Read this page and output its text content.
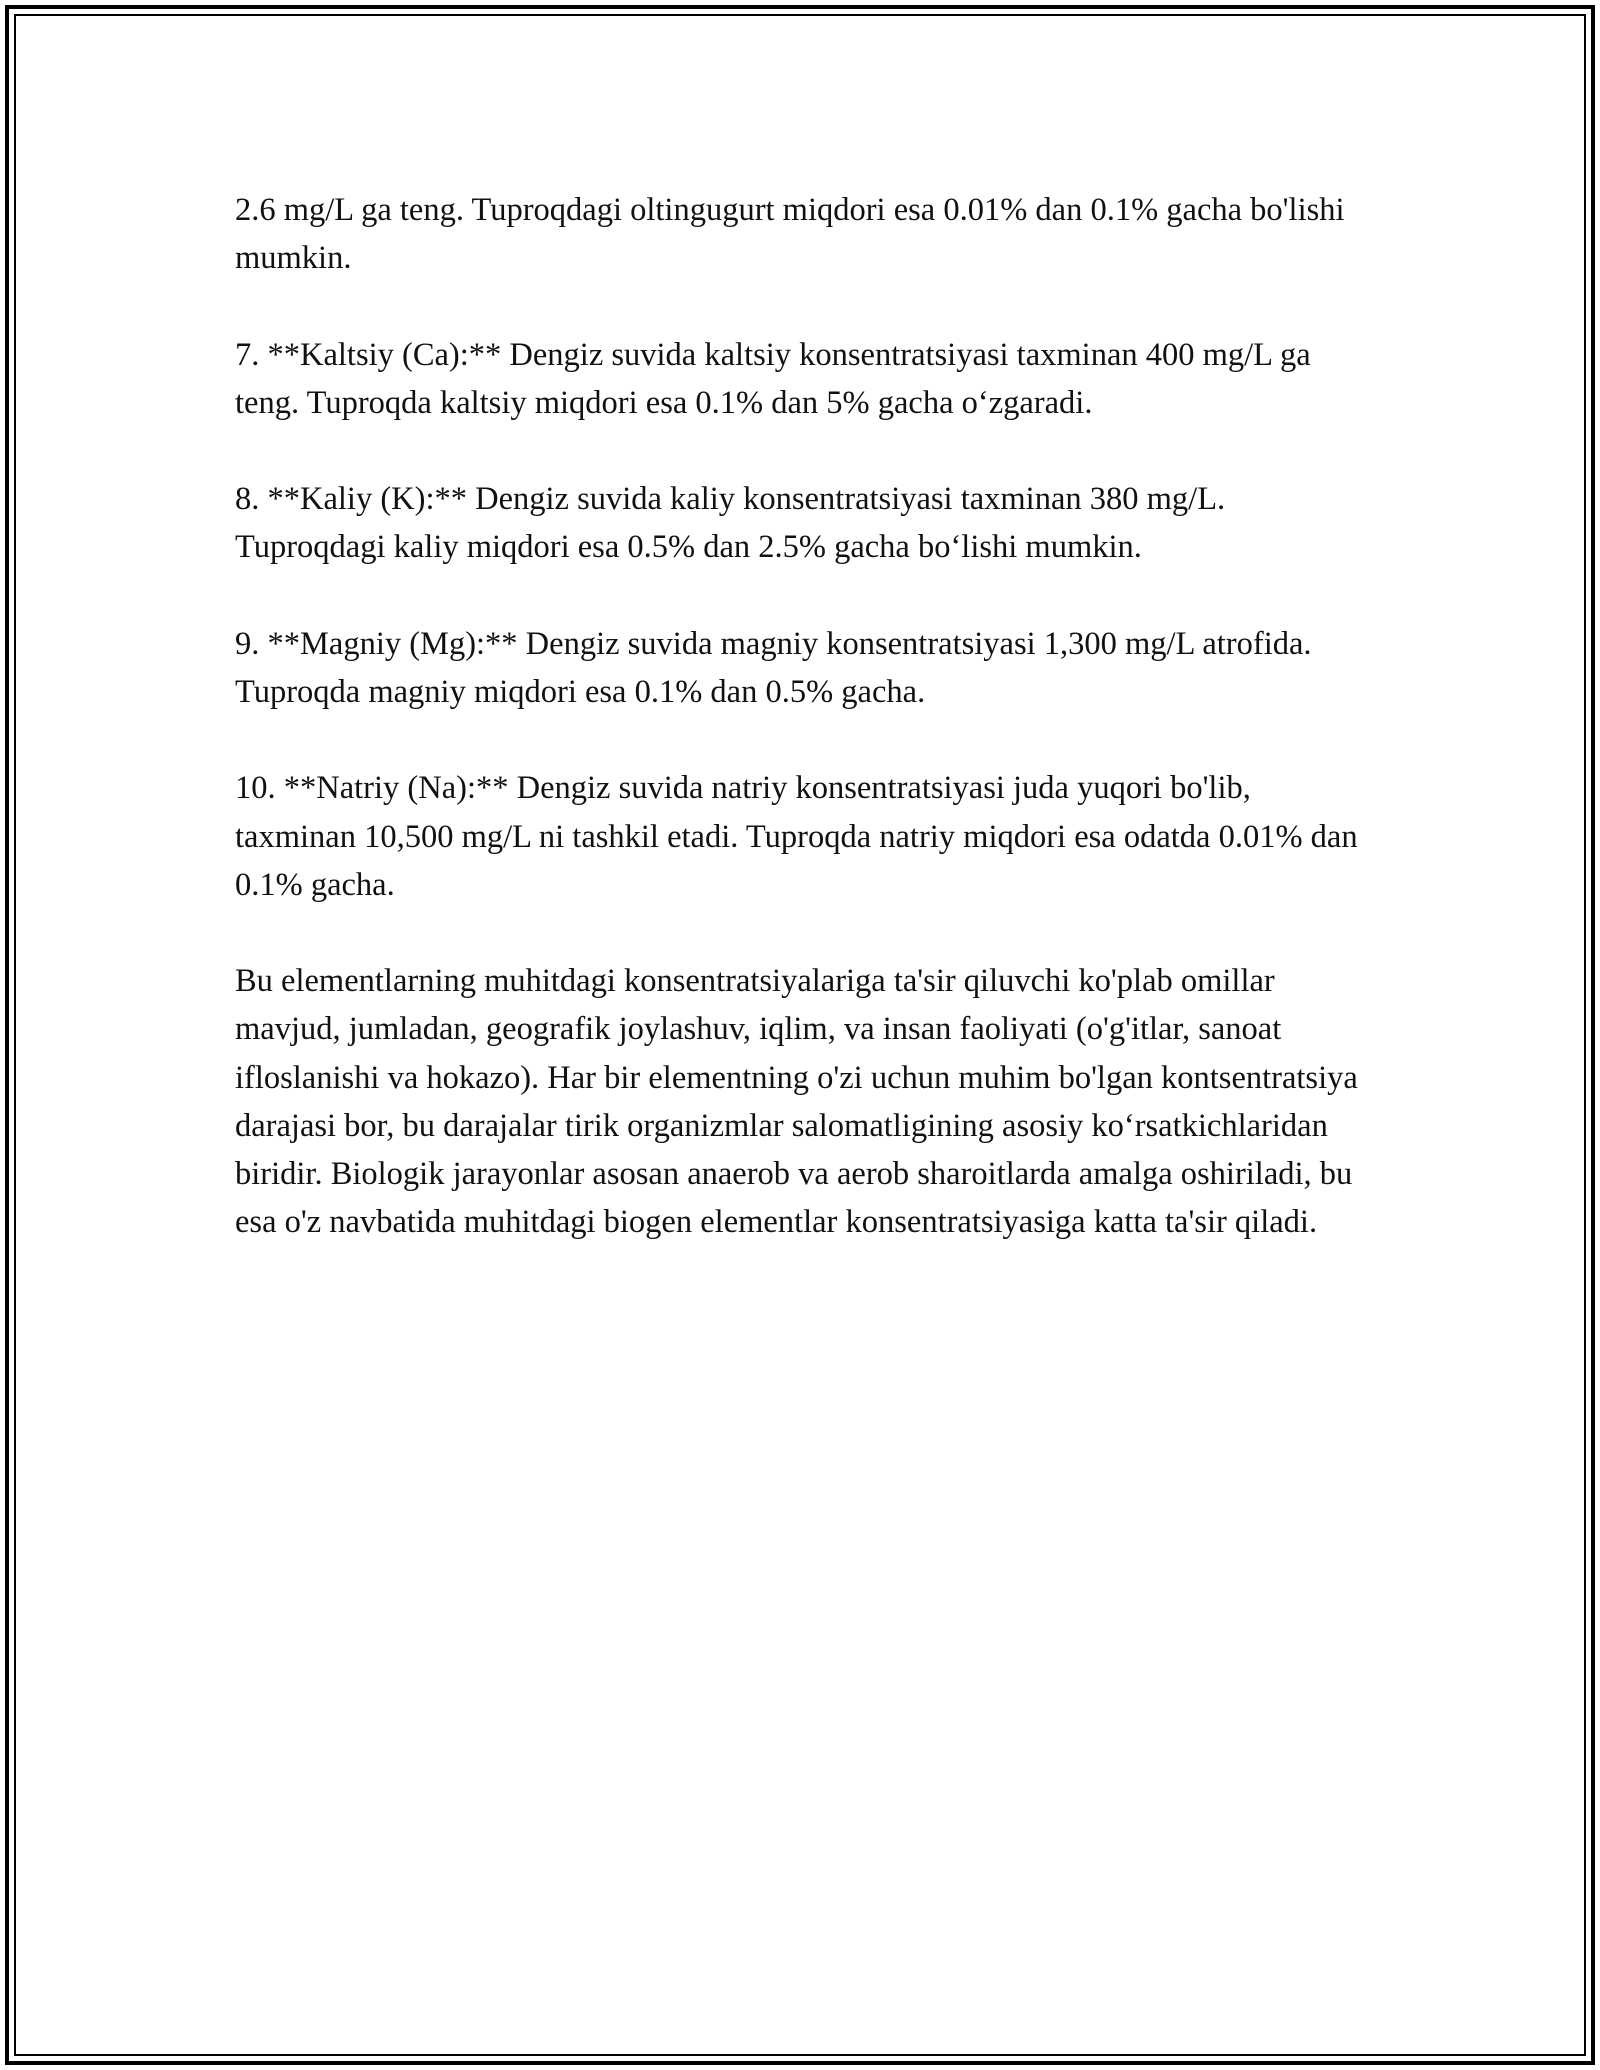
2.6 mg/L ga teng. Tuproqdagi oltingugurt miqdori esa 0.01% dan 0.1% gacha bo'lishi mumkin.

7. **Kaltsiy (Ca):** Dengiz suvida kaltsiy konsentratsiyasi taxminan 400 mg/L ga teng. Tuproqda kaltsiy miqdori esa 0.1% dan 5% gacha o‘zgaradi.

8. **Kaliy (K):** Dengiz suvida kaliy konsentratsiyasi taxminan 380 mg/L. Tuproqdagi kaliy miqdori esa 0.5% dan 2.5% gacha bo‘lishi mumkin.

9. **Magniy (Mg):** Dengiz suvida magniy konsentratsiyasi 1,300 mg/L atrofida. Tuproqda magniy miqdori esa 0.1% dan 0.5% gacha.

10. **Natriy (Na):** Dengiz suvida natriy konsentratsiyasi juda yuqori bo'lib, taxminan 10,500 mg/L ni tashkil etadi. Tuproqda natriy miqdori esa odatda 0.01% dan 0.1% gacha.

Bu elementlarning muhitdagi konsentratsiyalariga ta'sir qiluvchi ko'plab omillar mavjud, jumladan, geografik joylashuv, iqlim, va insan faoliyati (o'g'itlar, sanoat ifloslanishi va hokazo). Har bir elementning o'zi uchun muhim bo'lgan kontsentratsiya darajasi bor, bu darajalar tirik organizmlar salomatligining asosiy ko‘rsatkichlaridan biridir. Biologik jarayonlar asosan anaerob va aerob sharoitlarda amalga oshiriladi, bu esa o'z navbatida muhitdagi biogen elementlar konsentratsiyasiga katta ta'sir qiladi.
